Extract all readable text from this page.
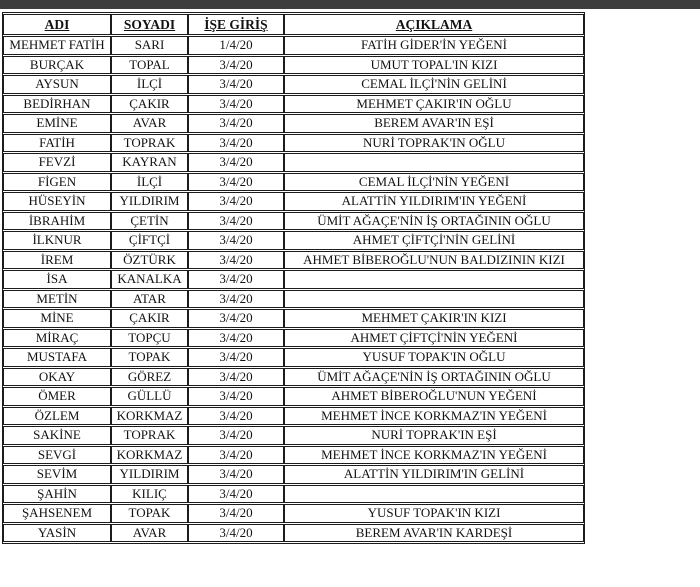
ADI	SOYADI	İŞE GİRİŞ	AÇIKLAMA
MEHMET FATİH	SARI	1/4/20	FATİH GİDER'İN YEĞENİ
BURÇAK	TOPAL	3/4/20	UMUT TOPAL'IN KIZI
AYSUN	İLÇİ	3/4/20	CEMAL İLÇİ'NİN GELİNİ
BEDİRHAN	ÇAKIR	3/4/20	MEHMET ÇAKIR'IN OĞLU
EMİNE	AVAR	3/4/20	BEREM AVAR'IN EŞİ
FATİH	TOPRAK	3/4/20	NURİ TOPRAK'IN OĞLU
FEVZİ	KAYRAN	3/4/20	
FİGEN	İLÇİ	3/4/20	CEMAL İLÇİ'NİN YEĞENİ
HÜSEYİN	YILDIRIM	3/4/20	ALATTİN YILDIRIM'IN YEĞENİ
İBRAHİM	ÇETİN	3/4/20	ÜMİT AĞAÇE'NİN İŞ ORTAĞININ OĞLU
İLKNUR	ÇİFTÇİ	3/4/20	AHMET ÇİFTÇİ'NİN GELİNİ
İREM	ÖZTÜRK	3/4/20	AHMET BİBEROĞLU'NUN BALDIZININ KIZI
İSA	KANALKA	3/4/20	
METİN	ATAR	3/4/20	
MİNE	ÇAKIR	3/4/20	MEHMET ÇAKIR'IN KIZI
MİRAÇ	TOPÇU	3/4/20	AHMET ÇİFTÇİ'NİN YEĞENİ
MUSTAFA	TOPAK	3/4/20	YUSUF TOPAK'IN OĞLU
OKAY	GÖREZ	3/4/20	ÜMİT AĞAÇE'NİN İŞ ORTAĞININ OĞLU
ÖMER	GÜLLÜ	3/4/20	AHMET BİBEROĞLU'NUN YEĞENİ
ÖZLEM	KORKMAZ	3/4/20	MEHMET İNCE KORKMAZ'IN YEĞENİ
SAKİNE	TOPRAK	3/4/20	NURİ TOPRAK'IN EŞİ
SEVGİ	KORKMAZ	3/4/20	MEHMET İNCE KORKMAZ'IN YEĞENİ
SEVİM	YILDIRIM	3/4/20	ALATTİN YILDIRIM'IN GELİNİ
ŞAHİN	KILIÇ	3/4/20	
ŞAHSENEM	TOPAK	3/4/20	YUSUF TOPAK'IN KIZI
YASİN	AVAR	3/4/20	BEREM AVAR'IN KARDEŞİ
